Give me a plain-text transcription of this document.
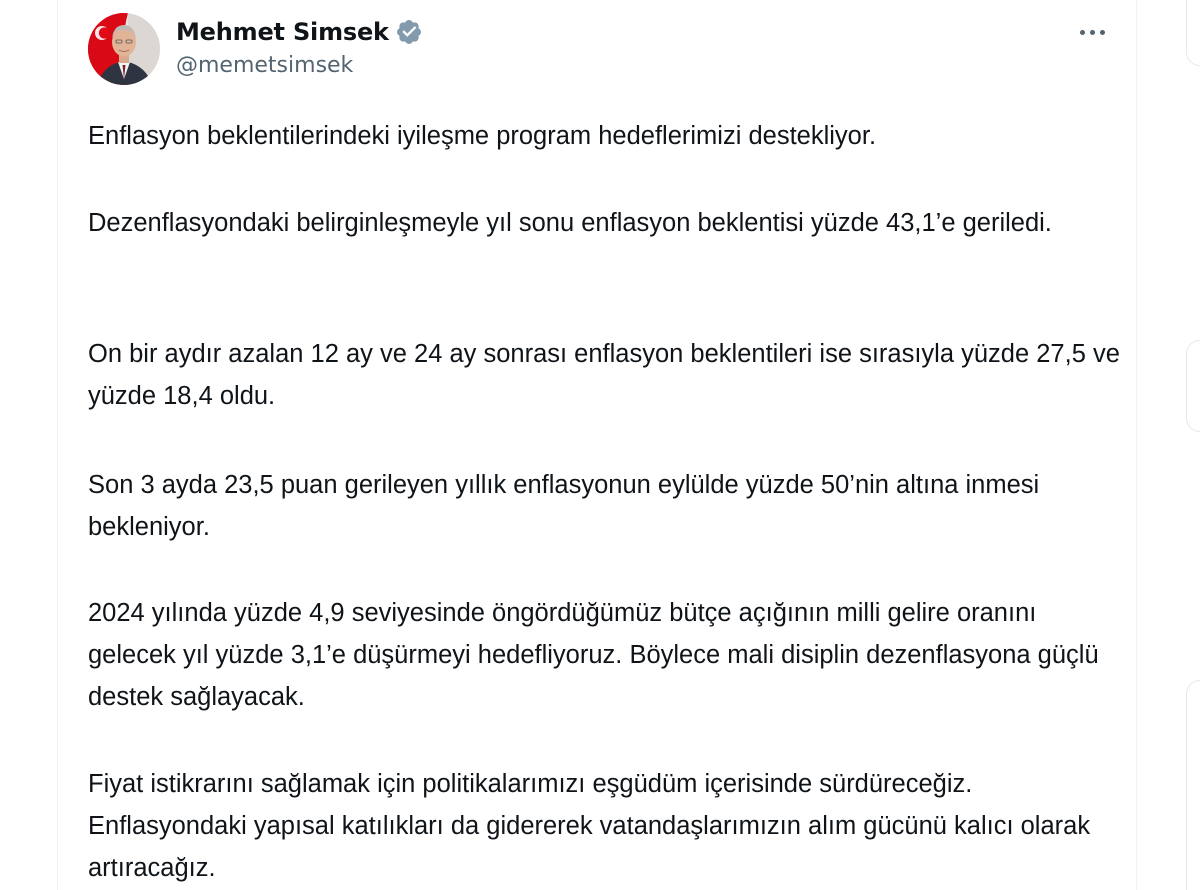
Mehmet Simsek
@memetsimsek

Enflasyon beklentilerindeki iyileşme program hedeflerimizi destekliyor.

Dezenflasyondaki belirginleşmeyle yıl sonu enflasyon beklentisi yüzde 43,1’e geriledi.

On bir aydır azalan 12 ay ve 24 ay sonrası enflasyon beklentileri ise sırasıyla yüzde 27,5 ve yüzde 18,4 oldu.

Son 3 ayda 23,5 puan gerileyen yıllık enflasyonun eylülde yüzde 50’nin altına inmesi bekleniyor.

2024 yılında yüzde 4,9 seviyesinde öngördüğümüz bütçe açığının milli gelire oranını gelecek yıl yüzde 3,1’e düşürmeyi hedefliyoruz. Böylece mali disiplin dezenflasyona güçlü destek sağlayacak.

Fiyat istikrarını sağlamak için politikalarımızı eşgüdüm içerisinde sürdüreceğiz. Enflasyondaki yapısal katılıkları da gidererek vatandaşlarımızın alım gücünü kalıcı olarak artıracağız.
